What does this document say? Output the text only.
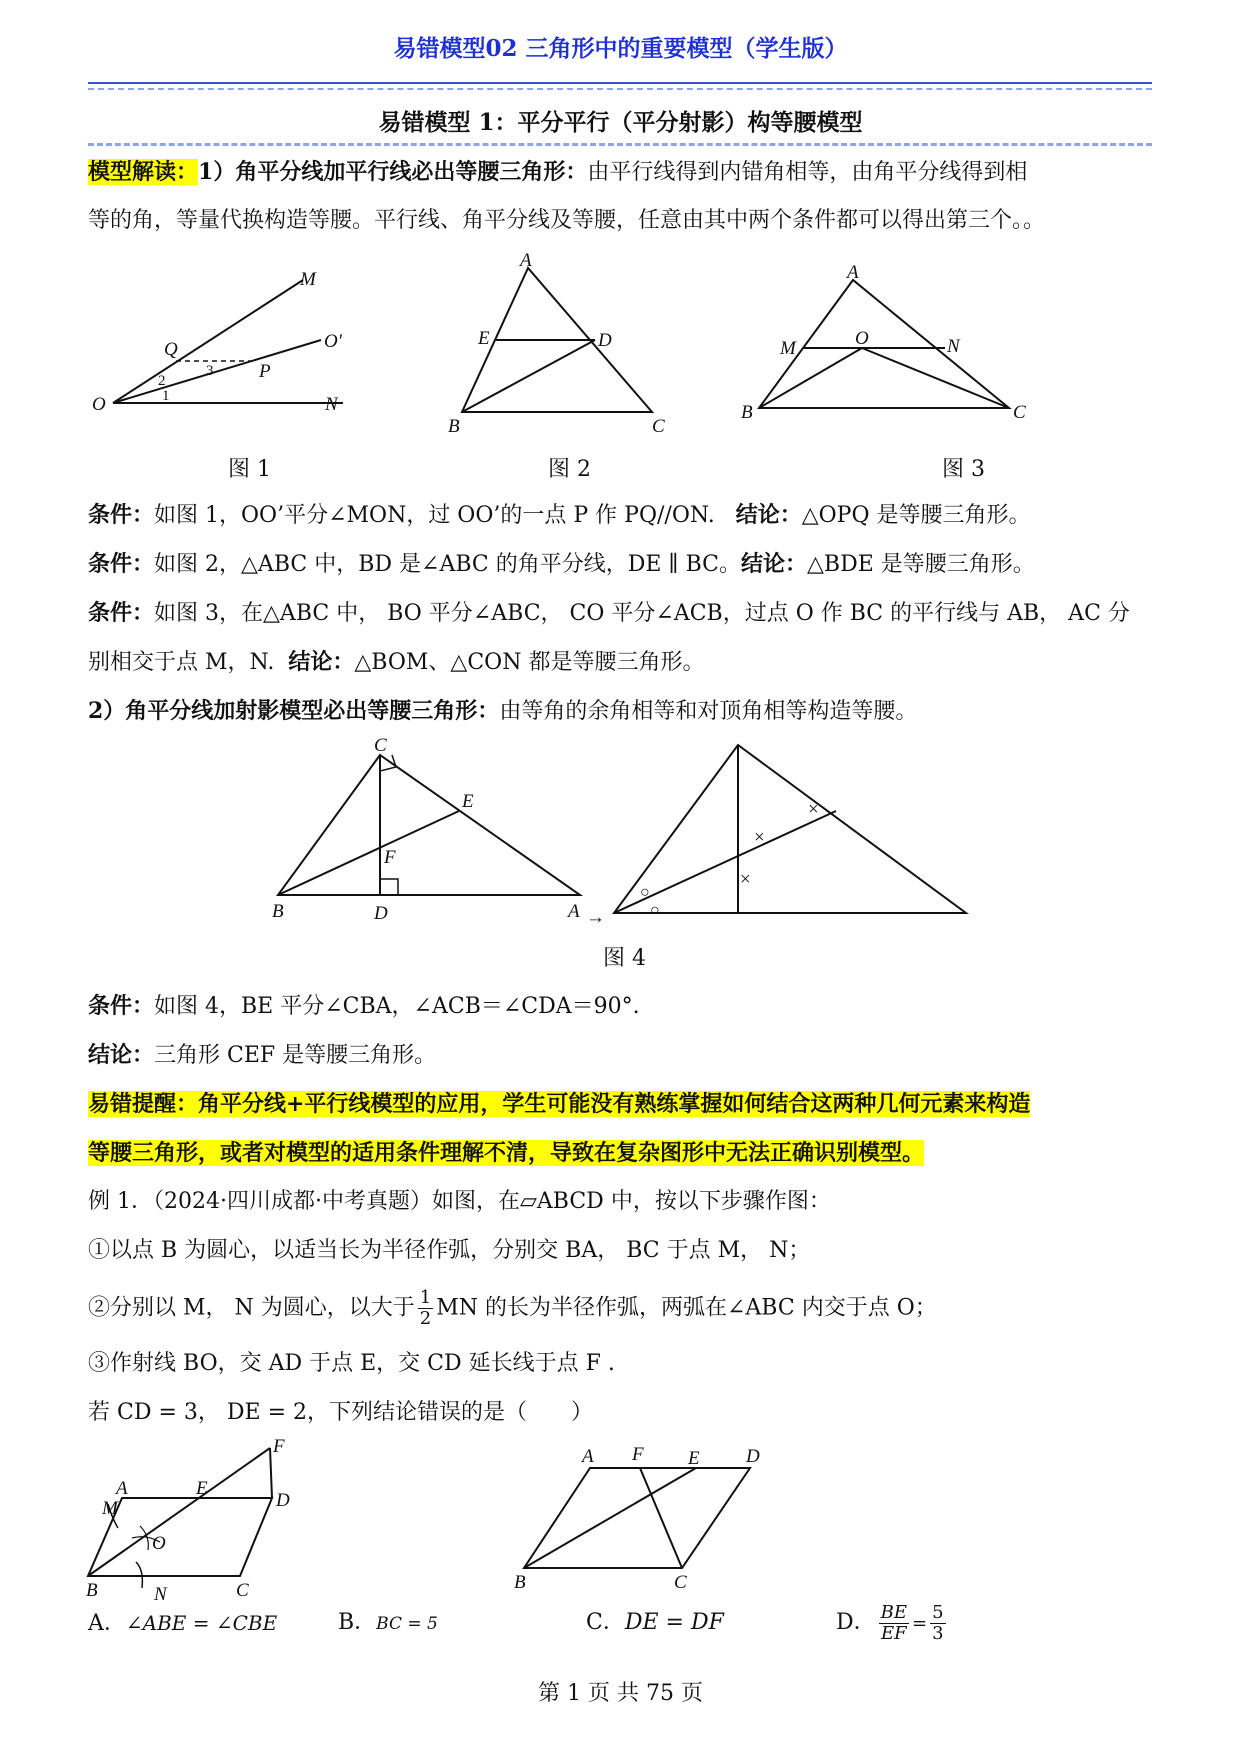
易错模型02 三角形中的重要模型（学生版）
易错模型 1：平分平行（平分射影）构等腰模型
模型解读：1）角平分线加平行线必出等腰三角形：由平行线得到内错角相等，由角平分线得到相
等的角，等量代换构造等腰。平行线、角平分线及等腰，任意由其中两个条件都可以得出第三个。。
M
O'
Q
P
O	N
1
2
3
图 1
A
E	D
B	C
图 2
A
M	O	N
B	C
图 3
条件：如图 1，OO’平分∠MON，过 OO’的一点 P 作 PQ//ON. 结论：△OPQ 是等腰三角形。
条件：如图 2，△ABC 中，BD 是∠ABC 的角平分线，DE ∥ BC。结论：△BDE 是等腰三角形。
条件：如图 3，在△ABC 中， BO 平分∠ABC， CO 平分∠ACB，过点 O 作 BC 的平行线与 AB， AC 分
别相交于点 M，N. 结论：△BOM、△CON 都是等腰三角形。
2）角平分线加射影模型必出等腰三角形：由等角的余角相等和对顶角相等构造等腰。
C
E
F
B	D	A →
×
×
×
○
○
图 4
条件：如图 4，BE 平分∠CBA，∠ACB＝∠CDA＝90°.
结论：三角形 CEF 是等腰三角形。
易错提醒：角平分线+平行线模型的应用，学生可能没有熟练掌握如何结合这两种几何元素来构造
等腰三角形，或者对模型的适用条件理解不清，导致在复杂图形中无法正确识别模型。
例 1．（2024·四川成都·中考真题）如图，在▱ABCD 中，按以下步骤作图：
①以点 B 为圆心，以适当长为半径作弧，分别交 BA， BC 于点 M， N；
②分别以 M， N 为圆心，以大于 $\frac{1}{2}$ MN 的长为半径作弧，两弧在∠ABC 内交于点 O；
③作射线 BO，交 AD 于点 E，交 CD 延长线于点 F .
若 CD = 3， DE = 2，下列结论错误的是（　　）
F
A	E
D
M
O
B	N	C
A F E D
B	C
A．∠ABE = ∠CBE	B．BC = 5	C．DE = DF	D． $\frac{BE}{EF} = \frac{5}{3}$
第 1 页 共 75 页
